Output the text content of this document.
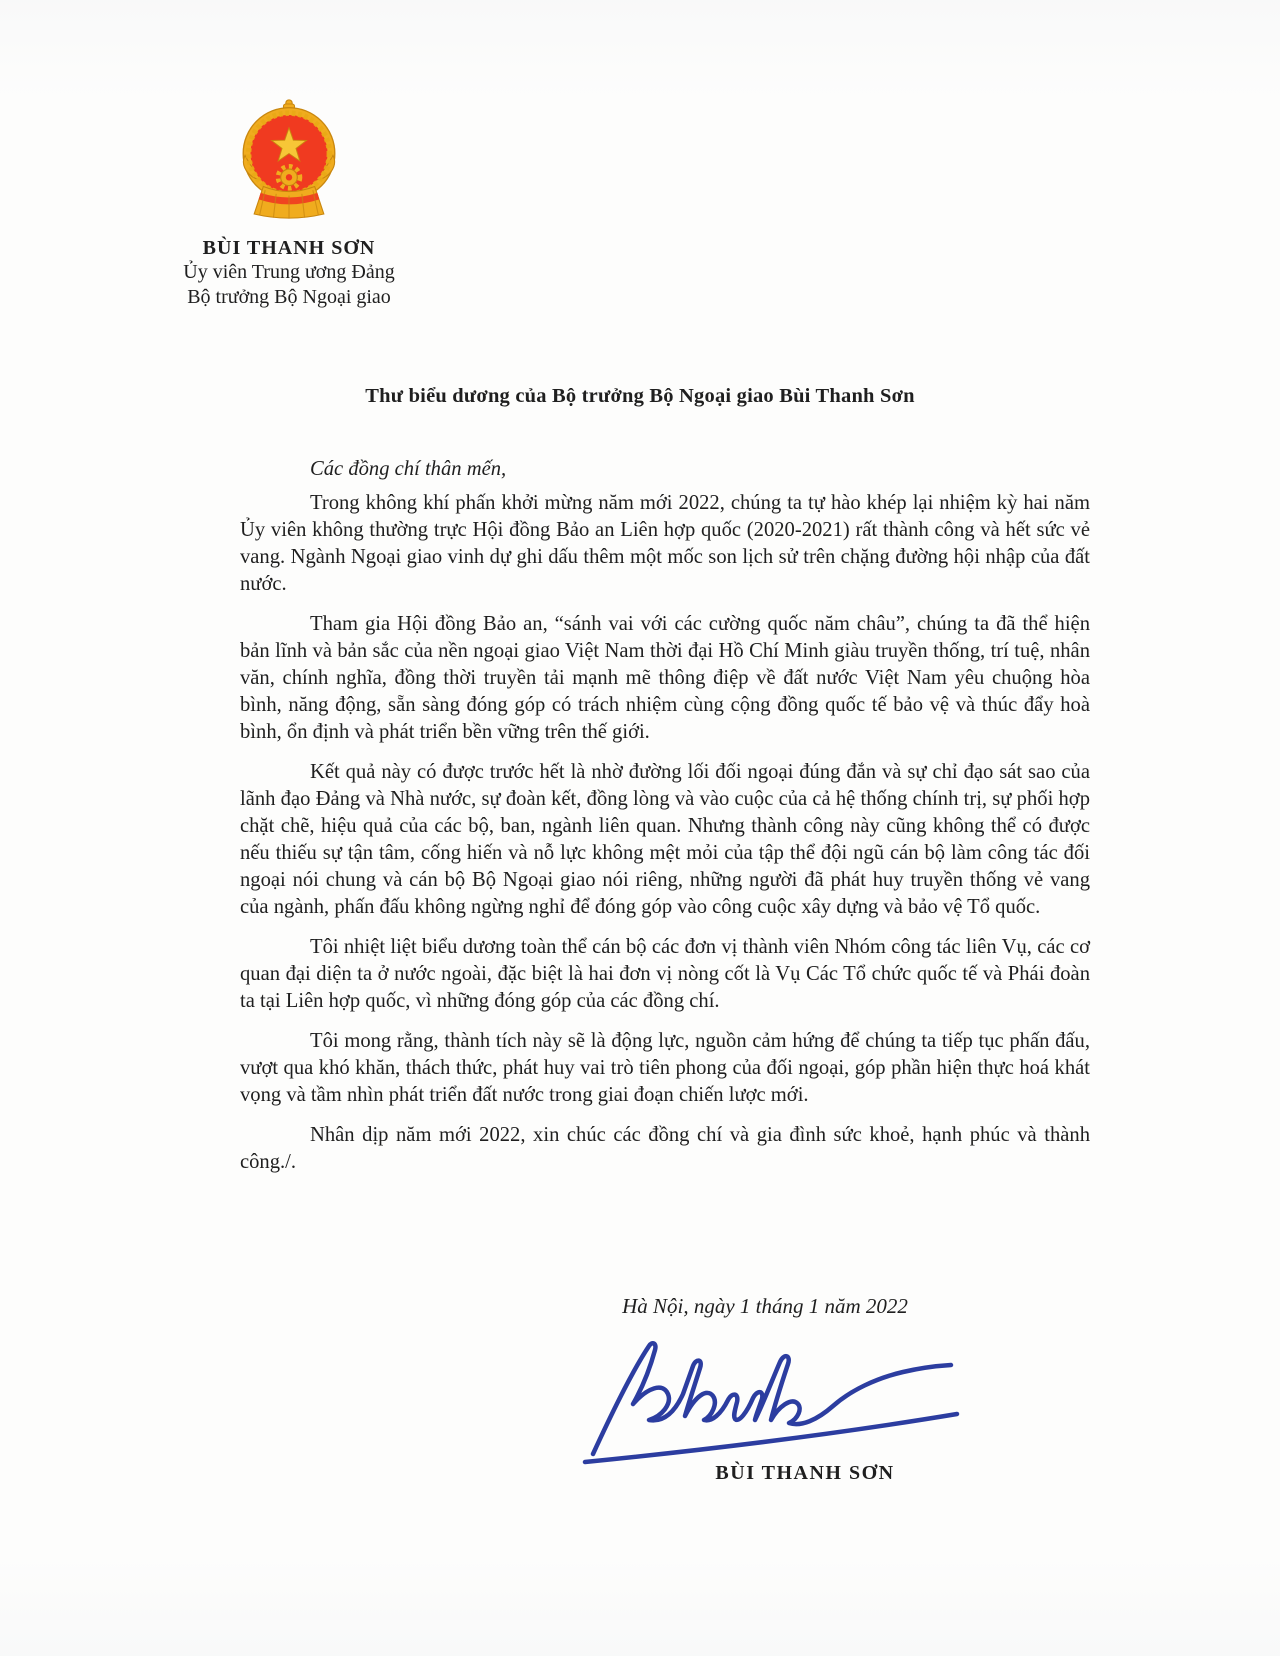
BÙI THANH SƠN
Ủy viên Trung ương Đảng
Bộ trưởng Bộ Ngoại giao
Thư biểu dương của Bộ trưởng Bộ Ngoại giao Bùi Thanh Sơn

Các đồng chí thân mến,

Trong không khí phấn khởi mừng năm mới 2022, chúng ta tự hào khép lại nhiệm kỳ hai năm Ủy viên không thường trực Hội đồng Bảo an Liên hợp quốc (2020-2021) rất thành công và hết sức vẻ vang. Ngành Ngoại giao vinh dự ghi dấu thêm một mốc son lịch sử trên chặng đường hội nhập của đất nước.

Tham gia Hội đồng Bảo an, “sánh vai với các cường quốc năm châu”, chúng ta đã thể hiện bản lĩnh và bản sắc của nền ngoại giao Việt Nam thời đại Hồ Chí Minh giàu truyền thống, trí tuệ, nhân văn, chính nghĩa, đồng thời truyền tải mạnh mẽ thông điệp về đất nước Việt Nam yêu chuộng hòa bình, năng động, sẵn sàng đóng góp có trách nhiệm cùng cộng đồng quốc tế bảo vệ và thúc đẩy hoà bình, ổn định và phát triển bền vững trên thế giới.

Kết quả này có được trước hết là nhờ đường lối đối ngoại đúng đắn và sự chỉ đạo sát sao của lãnh đạo Đảng và Nhà nước, sự đoàn kết, đồng lòng và vào cuộc của cả hệ thống chính trị, sự phối hợp chặt chẽ, hiệu quả của các bộ, ban, ngành liên quan. Nhưng thành công này cũng không thể có được nếu thiếu sự tận tâm, cống hiến và nỗ lực không mệt mỏi của tập thể đội ngũ cán bộ làm công tác đối ngoại nói chung và cán bộ Bộ Ngoại giao nói riêng, những người đã phát huy truyền thống vẻ vang của ngành, phấn đấu không ngừng nghỉ để đóng góp vào công cuộc xây dựng và bảo vệ Tổ quốc.

Tôi nhiệt liệt biểu dương toàn thể cán bộ các đơn vị thành viên Nhóm công tác liên Vụ, các cơ quan đại diện ta ở nước ngoài, đặc biệt là hai đơn vị nòng cốt là Vụ Các Tổ chức quốc tế và Phái đoàn ta tại Liên hợp quốc, vì những đóng góp của các đồng chí.

Tôi mong rằng, thành tích này sẽ là động lực, nguồn cảm hứng để chúng ta tiếp tục phấn đấu, vượt qua khó khăn, thách thức, phát huy vai trò tiên phong của đối ngoại, góp phần hiện thực hoá khát vọng và tầm nhìn phát triển đất nước trong giai đoạn chiến lược mới.

Nhân dịp năm mới 2022, xin chúc các đồng chí và gia đình sức khoẻ, hạnh phúc và thành công./.

Hà Nội, ngày 1 tháng 1 năm 2022
BÙI THANH SƠN
